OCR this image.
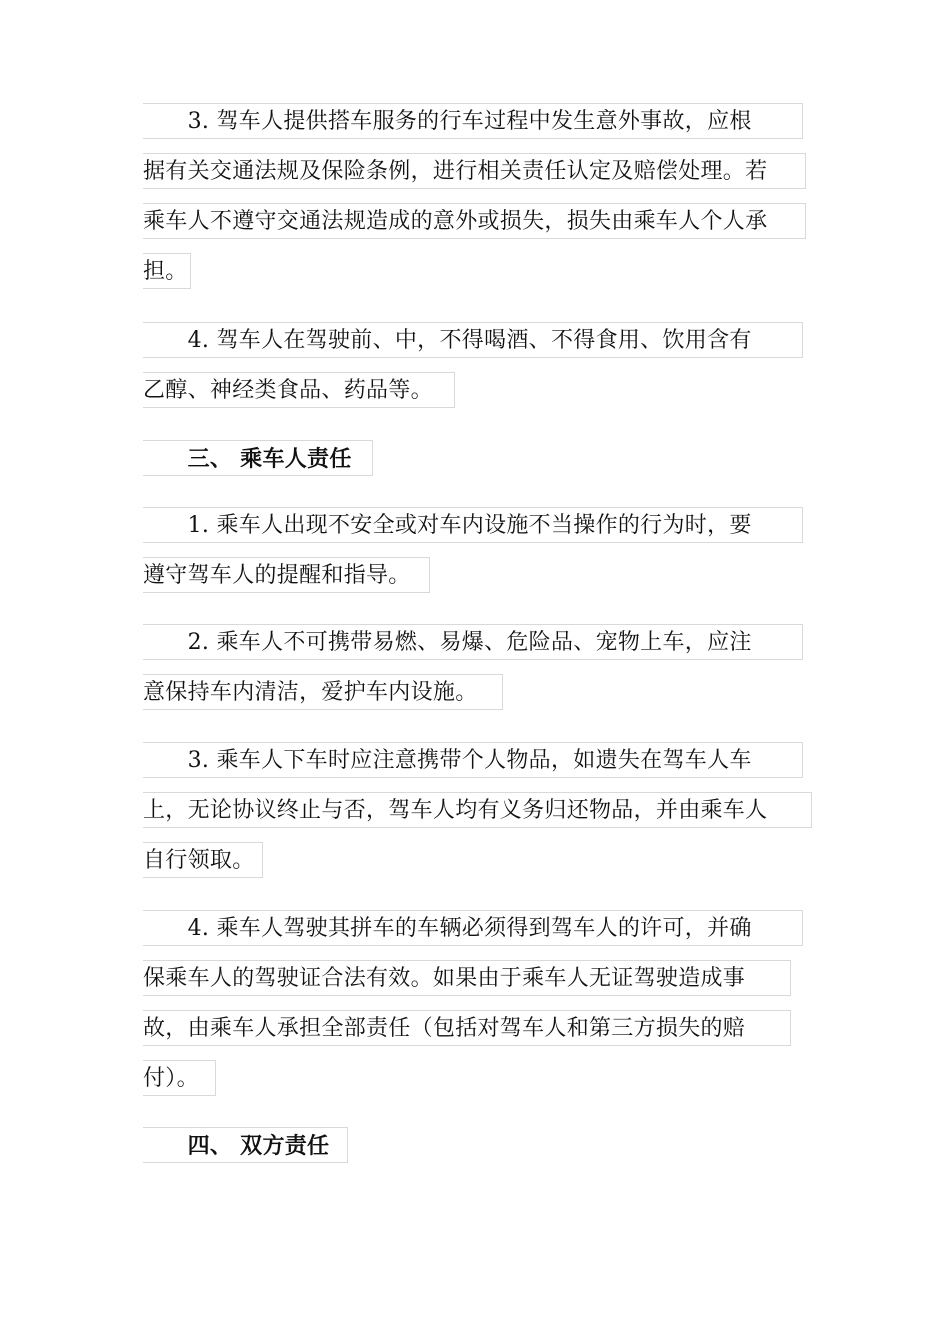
　　3. 驾车人提供搭车服务的行车过程中发生意外事故，应根
据有关交通法规及保险条例，进行相关责任认定及赔偿处理。若
乘车人不遵守交通法规造成的意外或损失，损失由乘车人个人承
担。
　　4. 驾车人在驾驶前、中，不得喝酒、不得食用、饮用含有
乙醇、神经类食品、药品等。
　　三、 乘车人责任
　　1. 乘车人出现不安全或对车内设施不当操作的行为时，要
遵守驾车人的提醒和指导。
　　2. 乘车人不可携带易燃、易爆、危险品、宠物上车，应注
意保持车内清洁，爱护车内设施。
　　3. 乘车人下车时应注意携带个人物品，如遗失在驾车人车
上，无论协议终止与否，驾车人均有义务归还物品，并由乘车人
自行领取。
　　4. 乘车人驾驶其拼车的车辆必须得到驾车人的许可，并确
保乘车人的驾驶证合法有效。如果由于乘车人无证驾驶造成事
故，由乘车人承担全部责任（包括对驾车人和第三方损失的赔
付）。
　　四、 双方责任
